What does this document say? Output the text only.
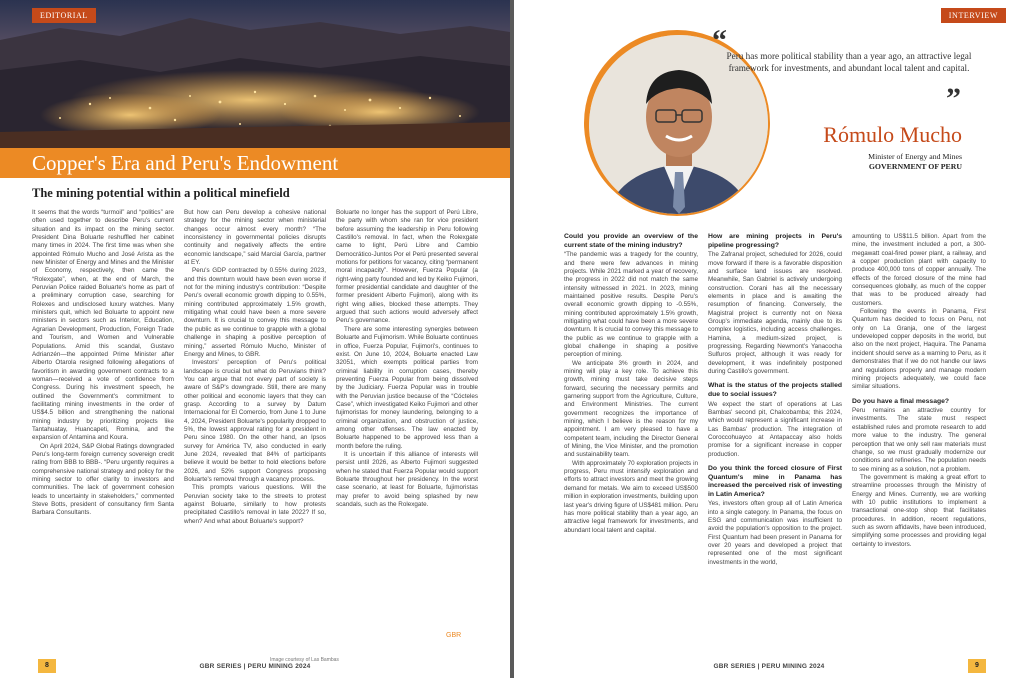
EDITORIAL
Copper's Era and Peru's Endowment
The mining potential within a political minefield

It seems that the words “turmoil” and “politics” are often used together to describe Peru's current situation and its impact on the mining sector. President Dina Boluarte reshuffled her cabinet many times in 2024. The first time was when she appointed Rómulo Mucho and José Arista as the new Minister of Energy and Mines and the Minister of Economy, respectively, then came the “Rolexgate”, when, at the end of March, the Peruvian Police raided Boluarte's home as part of a preliminary corruption case, searching for Rolexes and undisclosed luxury watches. Many ministers quit, which led Boluarte to appoint new ministers in sectors such as Interior, Education, Agrarian Development, Production, Foreign Trade and Tourism, and Women and Vulnerable Populations. Amid this scandal, Gustavo Adrianzén—the appointed Prime Minister after Alberto Otarola resigned following allegations of favoritism in awarding government contracts to a woman—received a vote of confidence from Congress. During his investment speech, he outlined the Government's commitment to facilitating mining investments in the order of US$4.5 billion and strengthening the national mining industry by prioritizing projects like Tantahuatay, Huancapeti, Romina, and the expansion of Antamina and Koura.

On April 2024, S&P Global Ratings downgraded Peru's long-term foreign currency sovereign credit rating from BBB to BBB-. “Peru urgently requires a comprehensive national strategy and policy for the mining sector to offer clarity to investors and communities. The lack of government cohesion leads to uncertainty in stakeholders,” commented Steve Botts, president of consultancy firm Santa Barbara Consultants.

But how can Peru develop a cohesive national strategy for the mining sector when ministerial changes occur almost every month? “The inconsistency in governmental policies disrupts continuity and negatively affects the entire economic landscape,” said Marcial García, partner at EY.

Peru's GDP contracted by 0.55% during 2023, and this downturn would have been even worse if not for the mining industry's contribution: “Despite Peru's overall economic growth dipping to 0.55%, mining contributed approximately 1.5% growth, mitigating what could have been a more severe downturn. It is crucial to convey this message to the public as we continue to grapple with a global challenge in shaping a positive perception of mining,” asserted Rómulo Mucho, Minister of Energy and Mines, to GBR.

Investors' perception of Peru's political landscape is crucial but what do Peruvians think? You can argue that not every part of society is aware of S&P's downgrade. Still, there are many other political and economic layers that they can grasp. According to a survey by Datum Internacional for El Comercio, from June 1 to June 4, 2024, President Boluarte's popularity dropped to 5%, the lowest approval rating for a president in Peru since 1980. On the other hand, an Ipsos survey for América TV, also conducted in early June 2024, revealed that 84% of participants believe it would be better to hold elections before 2026, and 52% support Congress proposing Boluarte's removal through a vacancy process.

This prompts various questions. Will the Peruvian society take to the streets to protest against Boluarte, similarly to how protests precipitated Castillo's removal in late 2022? If so, when? And what about Boluarte's support?

Boluarte no longer has the support of Perú Libre, the party with whom she ran for vice president before assuming the leadership in Peru following Castillo's removal. In fact, when the Rolexgate came to light, Perú Libre and Cambio Democrático-Juntos Por el Perú presented several motions for petitions for vacancy, citing “permanent moral incapacity”. However, Fuerza Popular (a right-wing party founded and led by Keiko Fujimori, former presidential candidate and daughter of the former president Alberto Fujimori), along with its right wing allies, blocked these attempts. They argued that such actions would adversely affect Peru's governance.

There are some interesting synergies between Boluarte and Fujimorism. While Boluarte continues in office, Fuerza Popular, Fujimori's, continues to exist. On June 10, 2024, Boluarte enacted Law 32051, which exempts political parties from criminal liability in corruption cases, thereby preventing Fuerza Popular from being dissolved by the Judiciary. Fuerza Popular was in trouble with the Peruvian justice because of the “Cócteles Case”, which investigated Keiko Fujimori and other fujimoristas for money laundering, belonging to a criminal organization, and obstruction of justice, among other offenses. The law enacted by Boluarte happened to be approved less than a month before the ruling.

It is uncertain if this alliance of interests will persist until 2026, as Alberto Fujimori suggested when he stated that Fuerza Popular would support Boluarte throughout her presidency. In the worst case scenario, at least for Boluarte, fujimoristas may prefer to avoid being splashed by new scandals, such as the Rolexgate.

GBR
Image courtesy of Las Bambas
GBR SERIES | PERU MINING 2024
8
INTERVIEW
“ Peru has more political stability than a year ago, an attractive legal framework for investments, and abundant local talent and capital.
”
Rómulo Mucho
Minister of Energy and Mines
GOVERNMENT OF PERU
Could you provide an overview of the current state of the mining industry?

“The pandemic was a tragedy for the country, and there were few advances in mining projects. While 2021 marked a year of recovery, the progress in 2022 did not match the same intensity witnessed in 2021. In 2023, mining maintained positive results. Despite Peru's overall economic growth dipping to -0.55%, mining contributed approximately 1.5% growth, mitigating what could have been a more severe downturn. It is crucial to convey this message to the public as we continue to grapple with a global challenge in shaping a positive perception of mining.

We anticipate 3% growth in 2024, and mining will play a key role. To achieve this growth, mining must take decisive steps forward, securing the necessary permits and garnering support from the Agriculture, Culture, and Environment Ministries. The current government recognizes the importance of mining, which I believe is the reason for my appointment. I am very pleased to have a competent team, including the Director General of Mining, the Vice Minister, and the promotion and sustainability team.

With approximately 70 exploration projects in progress, Peru must intensify exploration and efforts to attract investors and meet the growing demand for metals. We aim to exceed US$500 million in exploration investments, building upon last year's driving figure of US$481 million. Peru has more political stability than a year ago, an attractive legal framework for investments, and abundant local talent and capital.

How are mining projects in Peru's pipeline progressing?

The Zafranal project, scheduled for 2026, could move forward if there is a favorable disposition and surface land issues are resolved. Meanwhile, San Gabriel is actively undergoing construction. Corani has all the necessary elements in place and is awaiting the resumption of financing. Conversely, the Magistral project is currently not on Nexa Group's immediate agenda, mainly due to its complex logistics, including access challenges. Hamina, a medium-sized project, is progressing. Regarding Newmont's Yanacocha Sulfuros project, although it was ready for development, it was indefinitely postponed during Castillo's government.

What is the status of the projects stalled due to social issues?

We expect the start of operations at Las Bambas' second pit, Chalcobamba; this 2024, which would represent a significant increase in Las Bambas' production. The integration of Coroccohuayco at Antapaccay also holds promise for a significant increase in copper production.

Do you think the forced closure of First Quantum's mine in Panama has increased the perceived risk of investing in Latin America?

Yes, investors often group all of Latin America into a single category. In Panama, the focus on ESG and communication was insufficient to avoid the population's opposition to the project. First Quantum had been present in Panama for over 20 years and developed a project that represented one of the most significant investments in the world,

amounting to US$11.5 billion. Apart from the mine, the investment included a port, a 300-megawatt coal-fired power plant, a railway, and a copper production plant with capacity to produce 400,000 tons of copper annually. The effects of the forced closure of the mine had consequences globally, as much of the copper that was to be produced already had customers.

Following the events in Panama, First Quantum has decided to focus on Peru, not only on La Granja, one of the largest undeveloped copper deposits in the world, but also on the next project, Haquira. The Panama incident should serve as a warning to Peru, as it demonstrates that if we do not handle our laws and regulations properly and manage modern mining projects adequately, we could face similar situations.

Do you have a final message?

Peru remains an attractive country for investments. The state must respect established rules and promote research to add more value to the industry. The general perception that we only sell raw materials must change, so we must gradually modernize our conditions and refineries. The population needs to see mining as a solution, not a problem.

The government is making a great effort to streamline processes through the Ministry of Energy and Mines. Currently, we are working with 10 public institutions to implement a transactional one-stop shop that facilitates procedures. In addition, recent regulations, such as sworn affidavits, have been introduced, simplifying some processes and providing legal certainty to investors.

GBR SERIES | PERU MINING 2024	9
